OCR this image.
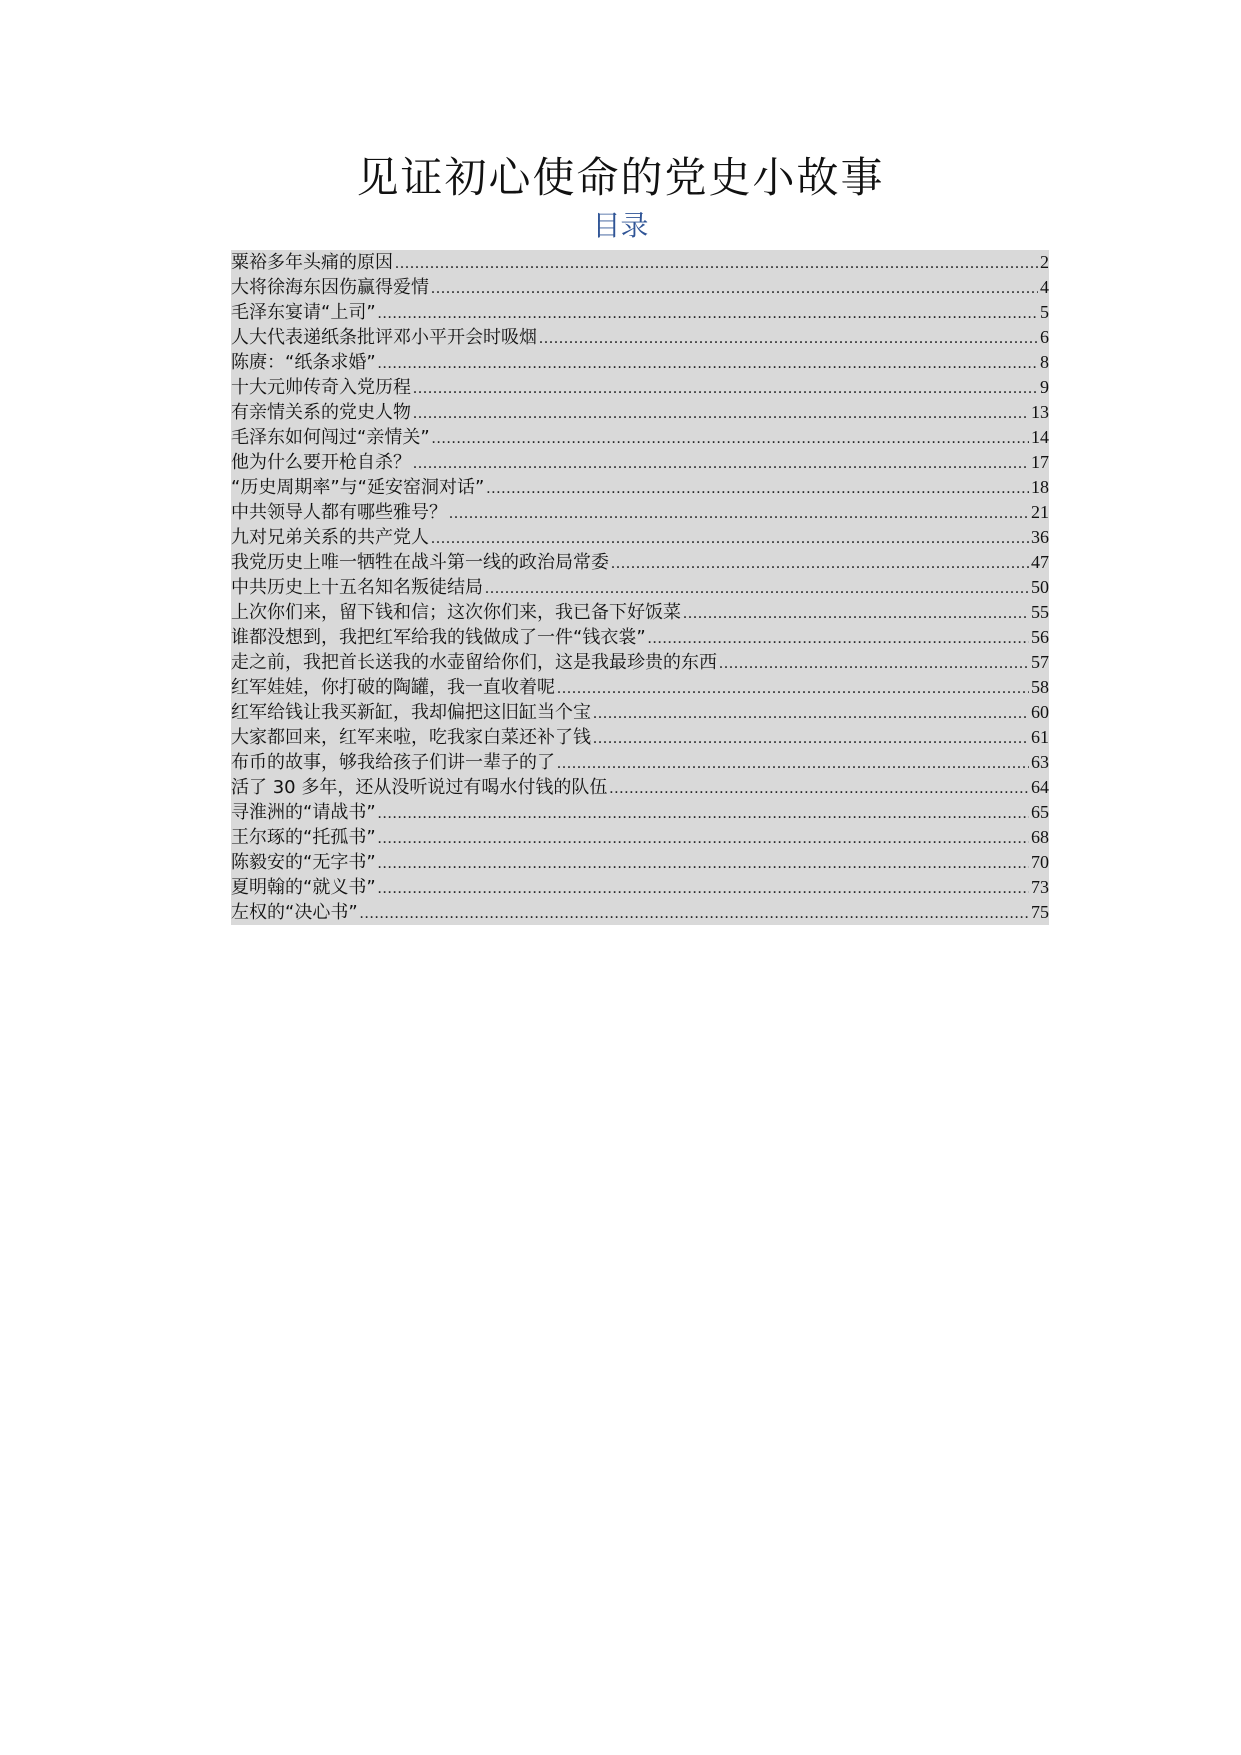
见证初心使命的党史小故事
目录
粟裕多年头痛的原因 .....	2
大将徐海东因伤赢得爱情 .....	4
毛泽东宴请“上司” .....	5
人大代表递纸条批评邓小平开会时吸烟 .....	6
陈赓：“纸条求婚” .....	8
十大元帅传奇入党历程 .....	9
有亲情关系的党史人物 .....	13
毛泽东如何闯过“亲情关” .....	14
他为什么要开枪自杀？ .....	17
“历史周期率”与“延安窑洞对话” .....	18
中共领导人都有哪些雅号？ .....	21
九对兄弟关系的共产党人 .....	36
我党历史上唯一牺牲在战斗第一线的政治局常委 .....	47
中共历史上十五名知名叛徒结局 .....	50
上次你们来，留下钱和信；这次你们来，我已备下好饭菜 .....	55
谁都没想到，我把红军给我的钱做成了一件“钱衣裳” .....	56
走之前，我把首长送我的水壶留给你们，这是我最珍贵的东西 .....	57
红军娃娃，你打破的陶罐，我一直收着呢 .....	58
红军给钱让我买新缸，我却偏把这旧缸当个宝 .....	60
大家都回来，红军来啦，吃我家白菜还补了钱 .....	61
布币的故事，够我给孩子们讲一辈子的了 .....	63
活了 30 多年，还从没听说过有喝水付钱的队伍 .....	64
寻淮洲的“请战书” .....	65
王尔琢的“托孤书” .....	68
陈毅安的“无字书” .....	70
夏明翰的“就义书” .....	73
左权的“决心书” .....	75
